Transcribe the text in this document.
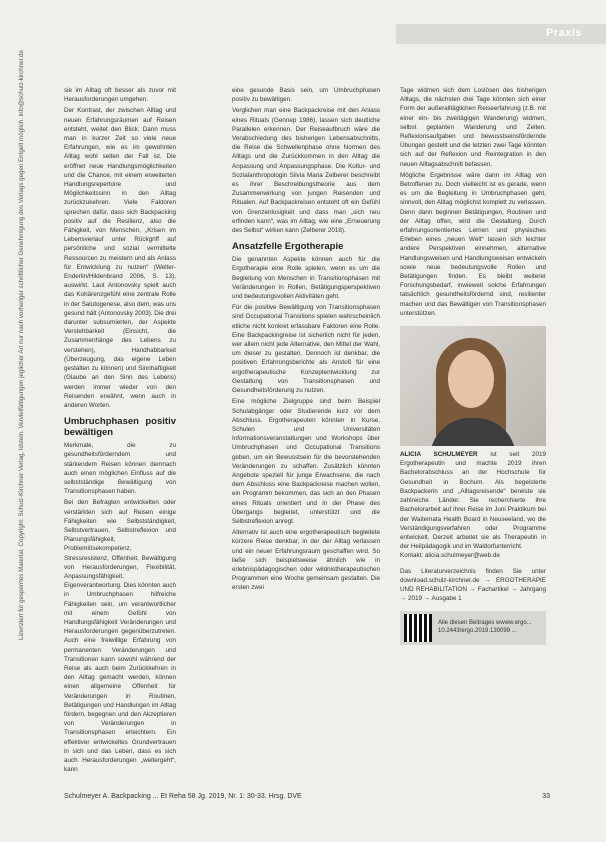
Praxis
Lizenziert für gesperrtes Material. Copyright: Schulz-Kirchner Verlag, Idstein. Vervielfältigungen jeglicher Art nur nach vorheriger schriftlicher Genehmigung des Verlags gegen Entgelt möglich. info@schulz-kirchner.de	sie im Alltag oft besser als zuvor mit Herausforderungen umgehen.

Der Kontrast, der zwischen Alltag und neuen Erfahrungsräumen auf Reisen entsteht, weitet den Blick. Dann muss man in kurzer Zeit so viele neue Erfahrungen, wie es im gewohnten Alltag wohl selten der Fall ist. Die eröffnet neue Handlungsmöglichkeiten und die Chance, mit einem erweiterten Handlungsrepertoire und Möglichkeitssinn in den Alltag zurückzukehren. Viele Faktoren sprechen dafür, dass sich Backpacking positiv auf die Resilienz, also die Fähigkeit, von Menschen, „Krisen im Lebensverlauf unter Rückgriff auf persönliche und sozial vermittelte Ressourcen zu meistern und als Anlass für Entwicklung zu nutzen“ (Welter-Enderlin/Hildenbrand 2006, S. 13), auswirkt. Laut Antonovsky spielt auch das Kohärenzgefühl eine zentrale Rolle in der Salutogenese, also dem, was uns gesund hält (Antonovsky 2003). Die drei darunter subsumierten, der Aspekte Verstehbarkeit (Einsicht, die Zusammenhänge des Lebens zu verstehen), Handhabbarkeit (Überzeugung, das eigene Leben gestalten zu können) und Sinnhaftigkeit (Glaube an den Sinn des Lebens) werden immer wieder von den Reisenden erwähnt, wenn auch in anderen Worten.

Umbruchphasen positiv bewältigen

Merkmale, die zu gesundheitsförderndem und stärkendem Reisen können demnach auch einen möglichen Einfluss auf die selbstständige Bewältigung von Transitionsphasen haben.

Bei den Befragten entwickelten oder verstärkten sich auf Reisen einige Fähigkeiten wie Selbstständigkeit, Selbstvertrauen, Selbstreflexion und Planungsfähigkeit, Problemlösekompetenz, Stressresistenz, Offenheit, Bewältigung von Herausforderungen, Flexibilität, Anpassungsfähigkeit. Eigenverantwortung. Dies könnten auch in Umbruchphasen hilfreiche Fähigkeiten sein, um verantwortlicher mit einem Gefühl von Handlungsfähigkeit Veränderungen und Herausforderungen gegenüberzutreten. Auch eine freiwillige Erfahrung von permanenten Veränderungen und Transitionen kann sowohl während der Reise als auch beim Zurückkehren in den Alltag gemacht werden, können einen allgemeine Offenheit für Veränderungen in Routinen, Betätigungen und Handlungen im Alltag fördern, begegnen und den Akzeptieren von Veränderungen in Transitionsphasen erleichtern. Ein effektiver entwickeltes Grundvertrauen in sich und das Leben, dass es sich auch Herausforderungen „weitergeht“, kann

eine gesunde Basis sein, um Umbruchphasen positiv zu bewältigen.

Verglichen man eine Backpackreise mit den Anlass eines Rituals (Gennep 1986), lassen sich deutliche Parallelen erkennen. Der Reiseaufbruch wäre die Verabschiedung des bisherigen Lebensabschnitts, die Reise die Schwellenphase ohne Normen des Alltags und die Zurückkommen in den Alltag die Anpassung und Anpassungsphase. Die Kultur- und Sozialanthropologin Silvia Maria Zelberer beschreibt es ihrer Beschreibungstheorie aus dem Zusammenwirkung von jungen Reisenden und Ritualen. Auf Backpackreisen entsteht oft ein Gefühl von Grenzenlosigkeit und dass man „sich neu erfinden kann“, was im Alltag, wie eine „Erneuerung des Selbst“ wirken kann (Zelberer 2018).

Ansatzfelle Ergotherapie

Die genannten Aspekte können auch für die Ergotherapie eine Rolle spielen, wenn es um die Begleitung von Menschen in Transitionsphasen mit Veränderungen in Rollen, Betätigungsperspektiven und bedeutungsvollen Aktivitäten geht.

Für die positive Bewältigung von Transitionsphasen sind Occupational Transitions spielen wahrscheinlich etliche nicht konkret erfassbare Faktoren eine Rolle. Eine Backpackingreise ist sicherlich nicht für jeden, wer allem nicht jede Alternative, den Mittel der Wahl, um dieser zu gestalten. Dennoch ist denkbar, die positiven Erfahrungsberichte als Anstoß für eine ergotherapeutische Konzeptentwicklung zur Gestaltung von Transitionsphasen und Gesundheitsförderung zu nutzen.

Eine mögliche Zielgruppe sind beim Beispiel Schulabgänger oder Studierende kurz vor dem Abschluss. Ergotherapeuten könnten in Kurse, Schulen und Universitäten Informationsveranstaltungen und Workshops über Umbruchphasen und Occupational Transitions geben, um ein Bewusstsein für die bevorstehenden Veränderungen zu schaffen. Zusätzlich könnten Angebote speziell für junge Erwachsene, die nach dem Abschluss eine Backpackreise machen wollen, ein Programm bekommen, das sich an den Phasen eines Rituals orientiert und in der Phase des Übergangs begleitet, unterstützt und die Selbstreflexion anregt.

Alternativ ist auch eine ergotherapeutisch begleitete kürzere Reise denkbar, in der der Alltag verlassen und ein neuer Erfahrungsraum geschaffen wird. So ließe sich beispielsweise ähnlich wie in erlebnispädagogischen oder wildnistherapeutischen Programmen eine Woche gemeinsam gestalten. Die ersten zwei

Tage widmen sich dem Loslösen des bisherigen Alltags, die nächsten drei Tage könnten sich einer Form der außeralltäglichen Reiseerfahrung (z.B. mit einer ein- bis zweitägigen Wanderung) widmen, selbst geplanten Wanderung und Zeiten. Reflexionsaufgaben und bewusstseinsfördernde Übungen gestellt und die letzten zwei Tage könnten sich auf der Reflexion und Reintegration in den neuen Alltagsabschnitt befassen.

Mögliche Ergebnisse wäre dann im Alltag von Betroffenen zu. Doch vielleicht ist es gerade, wenn es um die Begleitung in Umbruchphasen geht, sinnvoll, den Alltag möglichst komplett zu verlassen. Denn dann beginnen Betätigungen, Routinen und der Alltag offen, wird die Gestaltung. Durch erfahrungsorientiertes Lernen und physisches Erleben eines „neuen Welt“ lassen sich leichter andere Perspektiven einnehmen, alternative Handlungsweisen und Handlungsweisen entwickeln sowie neue bedeutungsvolle Rollen und Betätigungen finden. Es bleibt weiterer Forschungsbedarf, inwieweit solche Erfahrungen tatsächlich gesundheitsfördernd sind, resilienter machen und das Bewältigen von Transitionsphasen unterstützen.

ALICIA SCHULMEYER ist seit 2019 Ergotherapeutin und machte 2019 ihren Bachelorabschluss an der Hochschule für Gesundheit in Bochum. Als begeisterte Backpackerin und „Alltagsreisende“ bereiste sie zahlreiche Länder. Sie recherchierte ihre Bachelorarbeit auf ihrer Reise im Juni Praktikum bei der Waitemata Health Board in Neuseeland, wo die Verständigungsverfahren oder Programme entwickelt. Derzeit arbeitet sie als Therapeutin in der Heilpädagogik und im Waldorfunterricht.
Kontakt: alicia.schulmeyer@web.de
Das Literaturverzeichnis finden Sie unter download.schulz-kirchner.de → ERGOTHERAPIE UND REHABILITATION → Fachartikel → Jahrgang → 2019 → Ausgabe 1
Alle diesen Beitrages wwww.ergo...
10.2443/ergo.2019.130099 ...
Schulmeyer A. Backpacking ... Et Reha 58 Jg. 2019, Nr. 1: 30-33. Hrsg. DVE	33
